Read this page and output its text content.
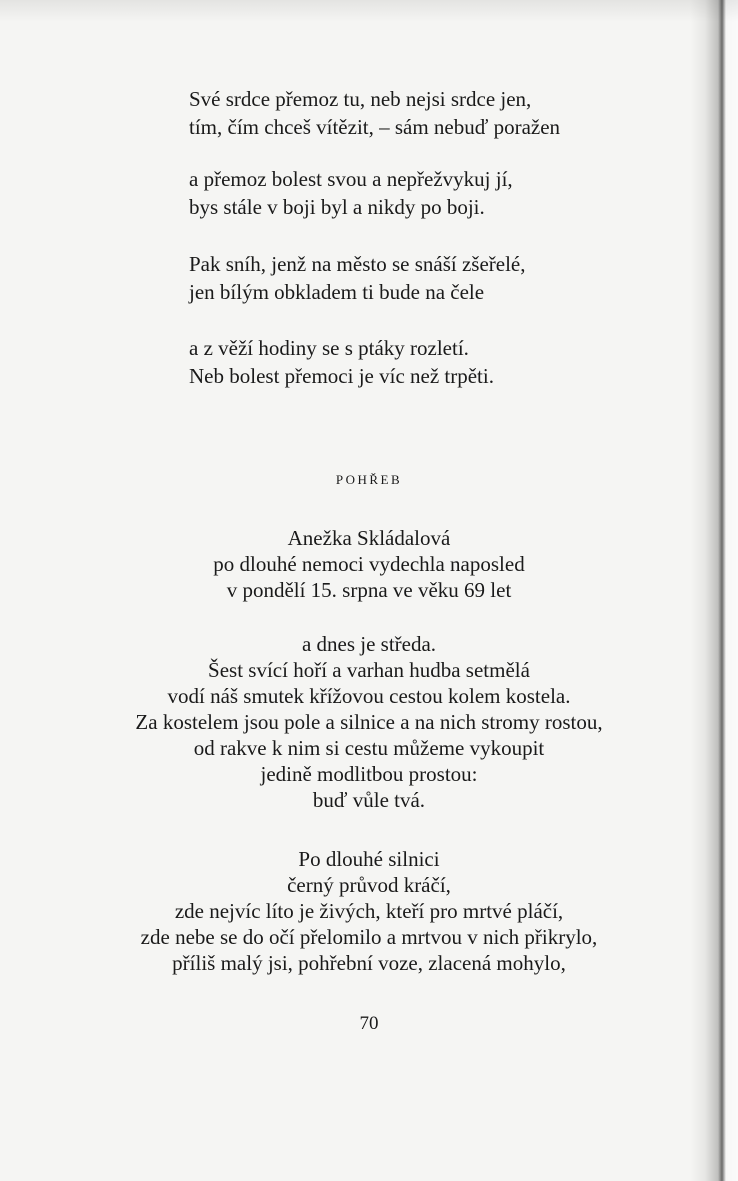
Své srdce přemoz tu, neb nejsi srdce jen,
tím, čím chceš vítězit, – sám nebuď poražen
a přemoz bolest svou a nepřežvykuj jí,
bys stále v boji byl a nikdy po boji.
Pak sníh, jenž na město se snáší zšeřelé,
jen bílým obkladem ti bude na čele
a z věží hodiny se s ptáky rozletí.
Neb bolest přemoci je víc než trpěti.
POHŘEB
Anežka Skládalová
po dlouhé nemoci vydechla naposled
v pondělí 15. srpna ve věku 69 let
a dnes je středa.
Šest svící hoří a varhan hudba setmělá
vodí náš smutek křížovou cestou kolem kostela.
Za kostelem jsou pole a silnice a na nich stromy rostou,
od rakve k nim si cestu můžeme vykoupit
jedině modlitbou prostou:
buď vůle tvá.
Po dlouhé silnici
černý průvod kráčí,
zde nejvíc líto je živých, kteří pro mrtvé pláčí,
zde nebe se do očí přelomilo a mrtvou v nich přikrylo,
příliš malý jsi, pohřební voze, zlacená mohylo,
70
